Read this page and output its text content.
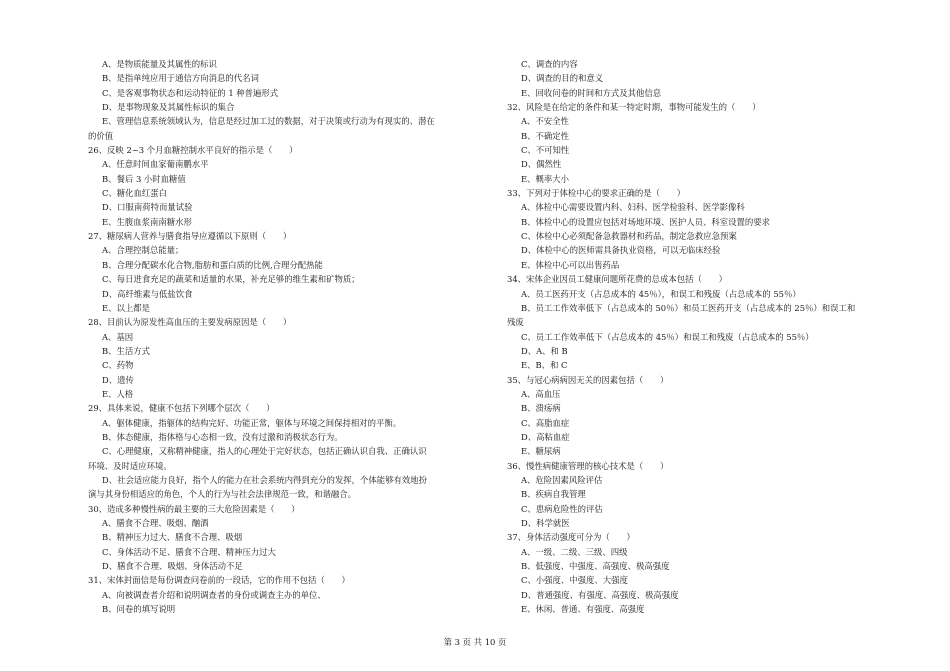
A、是物质能量及其属性的标识
B、是指单纯应用于通信方向消息的代名词
C、是客观事物状态和运动特征的 1 种普遍形式
D、是事物现象及其属性标识的集合
E、管理信息系统领域认为，信息是经过加工过的数据，对于决策或行动为有现实的、潜在
的价值
26、反映 2~3 个月血糖控制水平良好的指示是（　　）
A、任意时间血家葡南鹏水平
B、餐后 3 小时血糖值
C、糖化血红蛋白
D、口服南荷特而量试验
E、生腹血浆南南糖水形
27、糖尿病人营养与膳食指导应遵循以下原则（　　）
A、合理控制总能量；
B、合理分配碳水化合物,脂肪和蛋白质的比例,合理分配热能
C、每日进食充足的蔬菜和适量的水果，补充足够的维生素和矿物质；
D、高纤维素与低盐饮食
E、以上都是
28、目前认为原发性高血压的主要发病原因是（　　）
A、基因
B、生活方式
C、药物
D、遗传
E、人格
29、具体来说，健康不包括下列哪个层次（　　）
A、躯体健康，指躯体的结构完好、功能正常，躯体与环境之间保持相对的平衡。
B、体态健康，指体格与心态相一致，没有过激和消极状态行为。
C、心理健康，又称精神健康，指人的心理处于完好状态，包括正确认识自我、正确认识
环境、及时适应环境。
D、社会适应能力良好，指个人的能力在社会系统内得到充分的发挥，个体能够有效地扮
演与其身份相适应的角色，个人的行为与社会法律规范一致，和谐融合。
30、造成多种慢性病的最主要的三大危险因素是（　　）
A、膳食不合理、吸烟、酗酒
B、精神压力过大、膳食不合理、吸烟
C、身体活动不足、膳食不合理、精神压力过大
D、膳食不合理、吸烟、身体活动不足
31、宋体封面信是每份调查问卷前的一段话，它的作用不包括（　　）
A、向被调查者介绍和说明调查者的身份或调查主办的单位、
B、问卷的填写说明
C、调查的内容
D、调查的目的和意义
E、回收问卷的时间和方式及其他信息
32、风险是在给定的条件和某一特定时期，事物可能发生的（　　）
A、不安全性
B、不确定性
C、不可知性
D、偶然性
E、概率大小
33、下列对于体检中心的要求正确的是（　　）
A、体检中心需要设置内科、妇科、医学检验科、医学影像科
B、体检中心的设置应包括对场地环境、医护人员、科室设置的要求
C、体检中心必须配备急救器材和药品，制定急救应急预案
D、体检中心的医师需具备执业资格，可以无临床经验
E、体检中心可以出售药品
34、宋体企业因员工健康问题所花费的总成本包括（　　）
A、员工医药开支（占总成本的 45％），和误工和残废（占总成本的 55％）
B、员工工作效率低下（占总成本的 50％）和员工医药开支（占总成本的 25％）和误工和
残废
C、员工工作效率低下（占总成本的 45％）和误工和残废（占总成本的 55％）
D、A、和 B
E、B、和 C
35、与冠心病病因无关的因素包括（　　）
A、高血压
B、溃疡病
C、高脂血症
D、高粘血症
E、糖尿病
36、慢性病健康管理的核心技术是（　　）
A、危险因素风险评估
B、疾病自我管理
C、患病危险性的评估
D、科学就医
37、身体活动强度可分为（　　）
A、一级、二级、三级、四级
B、低强度、中强度、高强度、极高强度
C、小强度、中强度、大强度
D、普通强度、有强度、高强度、极高强度
E、休闲、普通、有强度、高强度
第 3 页 共 10 页
